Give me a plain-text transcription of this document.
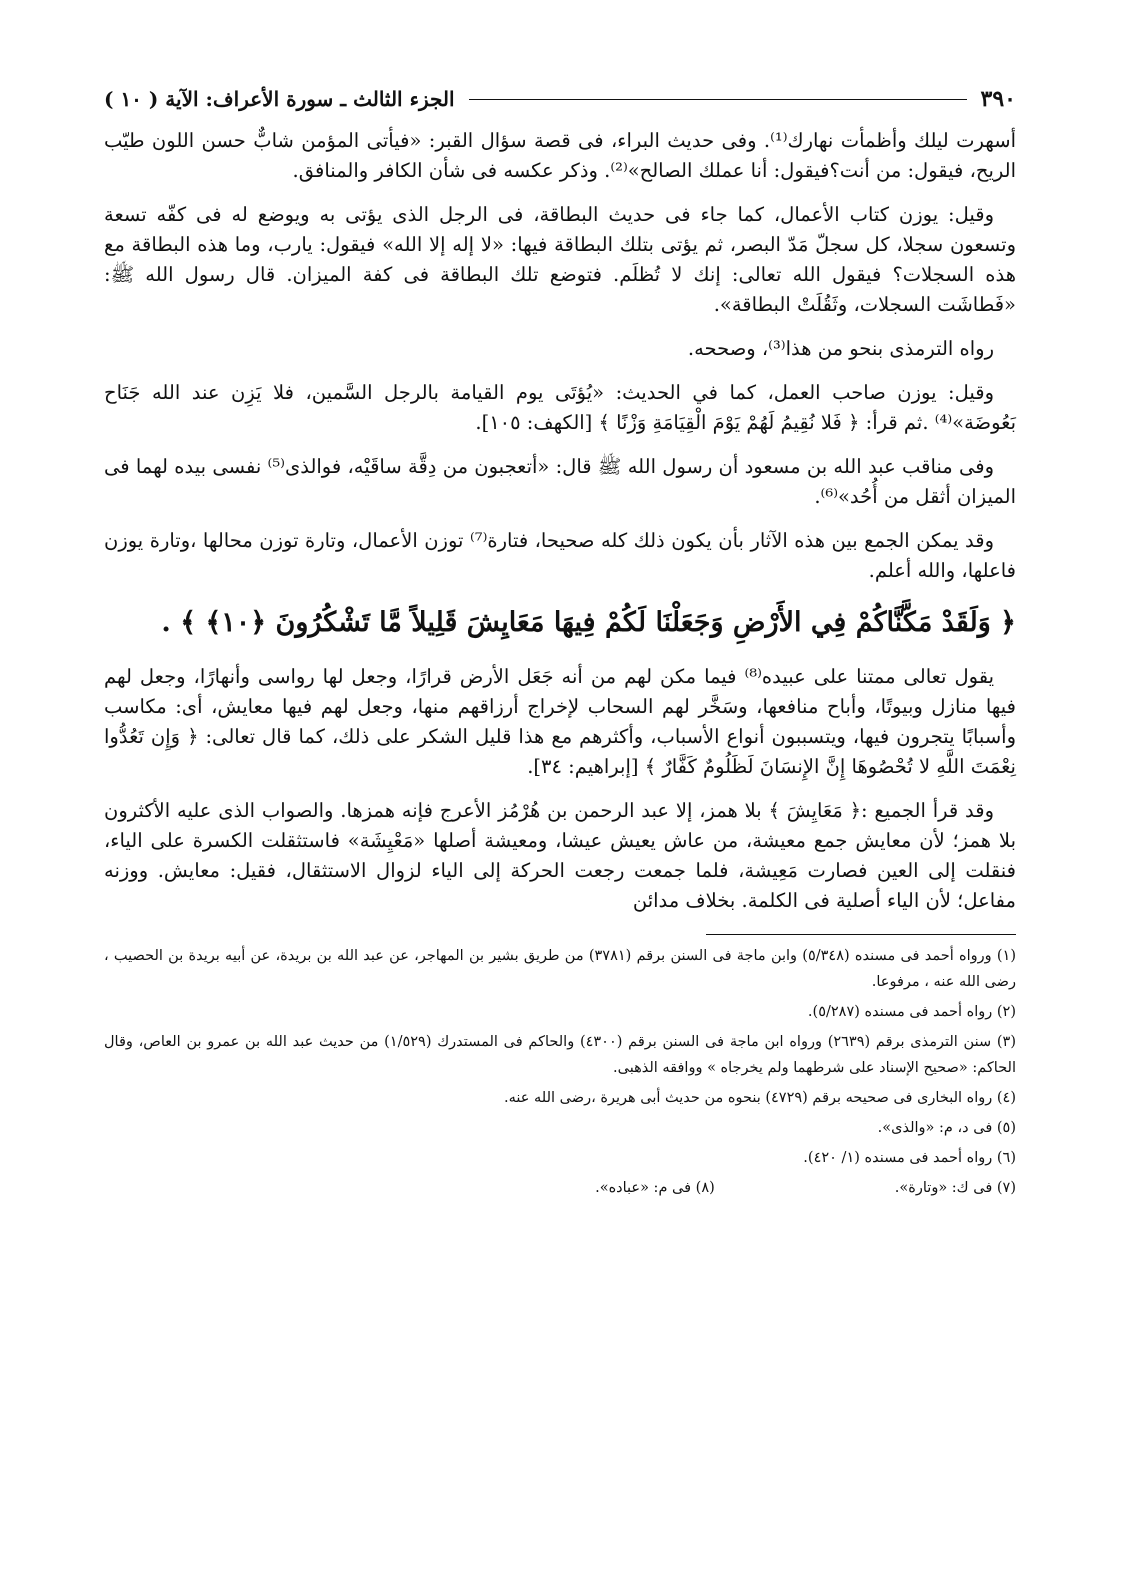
٣٩٠
الجزء الثالث ـ سورة الأعراف: الآية ( ١٠ )

أسهرت ليلك وأظمأت نهارك⁽¹⁾. وفى حديث البراء، فى قصة سؤال القبر: «فيأتى المؤمن شابٌّ حسن اللون طيّب الريح، فيقول: من أنت؟فيقول: أنا عملك الصالح»⁽²⁾. وذكر عكسه فى شأن الكافر والمنافق.

وقيل: يوزن كتاب الأعمال، كما جاء فى حديث البطاقة، فى الرجل الذى يؤتى به ويوضع له فى كفّه تسعة وتسعون سجلا، كل سجلّ مَدّ البصر، ثم يؤتى بتلك البطاقة فيها: «لا إله إلا الله» فيقول: يارب، وما هذه البطاقة مع هذه السجلات؟ فيقول الله تعالى: إنك لا تُظلَم. فتوضع تلك البطاقة فى كفة الميزان. قال رسول الله ﷺ: «فَطاشَت السجلات، وثَقُلَتْ البطاقة».

رواه الترمذى بنحو من هذا⁽³⁾، وصححه.

وقيل: يوزن صاحب العمل، كما في الحديث: «يُؤتَى يوم القيامة بالرجل السَّمين، فلا يَزِن عند الله جَنَاح بَعُوضَة»⁽⁴⁾ .ثم قرأ: ﴿ فَلا نُقِيمُ لَهُمْ يَوْمَ الْقِيَامَةِ وَزْنًا ﴾ [الكهف: ١٠٥].

وفى مناقب عبد الله بن مسعود أن رسول الله ﷺ قال: «أتعجبون من دِقَّة ساقَيْه، فوالذى⁽⁵⁾ نفسى بيده لهما فى الميزان أثقل من أُحُد»⁽⁶⁾.

وقد يمكن الجمع بين هذه الآثار بأن يكون ذلك كله صحيحا، فتارة⁽⁷⁾ توزن الأعمال، وتارة توزن محالها ،وتارة يوزن فاعلها، والله أعلم.

﴿ وَلَقَدْ مَكَّنَّاكُمْ فِي الأَرْضِ وَجَعَلْنَا لَكُمْ فِيهَا مَعَايِشَ قَلِيلاً مَّا تَشْكُرُونَ ﴿١٠﴾ ﴾ .

يقول تعالى ممتنا على عبيده⁽⁸⁾ فيما مكن لهم من أنه جَعَل الأرض قرارًا، وجعل لها رواسى وأنهارًا، وجعل لهم فيها منازل وبيوتًا، وأباح منافعها، وسَخَّر لهم السحاب لإخراج أرزاقهم منها، وجعل لهم فيها معايش، أى: مكاسب وأسبابًا يتجرون فيها، ويتسببون أنواع الأسباب، وأكثرهم مع هذا قليل الشكر على ذلك، كما قال تعالى: ﴿ وَإِن تَعُدُّوا نِعْمَتَ اللَّهِ لا تُحْصُوهَا إِنَّ الإِنسَانَ لَظَلُومٌ كَفَّارٌ ﴾ [إبراهيم: ٣٤].

وقد قرأ الجميع :﴿ مَعَايِشَ ﴾ بلا همز، إلا عبد الرحمن بن هُرْمُز الأعرج فإنه همزها. والصواب الذى عليه الأكثرون بلا همز؛ لأن معايش جمع معيشة، من عاش يعيش عيشا، ومعيشة أصلها «مَعْيِشَة» فاستثقلت الكسرة على الياء، فنقلت إلى العين فصارت مَعِيشة، فلما جمعت رجعت الحركة إلى الياء لزوال الاستثقال، فقيل: معايش. ووزنه مفاعل؛ لأن الياء أصلية فى الكلمة. بخلاف مدائن

(١) ورواه أحمد فى مسنده (٥/٣٤٨) وابن ماجة فى السنن برقم (٣٧٨١) من طريق بشير بن المهاجر، عن عبد الله بن بريدة، عن أبيه بريدة بن الحصيب ، رضى الله عنه ، مرفوعا.

(٢) رواه أحمد فى مسنده (٥/٢٨٧).

(٣) سنن الترمذى برقم (٢٦٣٩) ورواه ابن ماجة فى السنن برقم (٤٣٠٠) والحاكم فى المستدرك (١/٥٢٩) من حديث عبد الله بن عمرو بن العاص، وقال الحاكم: «صحيح الإسناد على شرطهما ولم يخرجاه » ووافقه الذهبى.

(٤) رواه البخارى فى صحيحه برقم (٤٧٢٩) بنحوه من حديث أبى هريرة ،رضى الله عنه.

(٥) فى د، م: «والذى».

(٦) رواه أحمد فى مسنده (١/ ٤٢٠).

(٧) فى ك: «وتارة».
(٨) فى م: «عباده».
